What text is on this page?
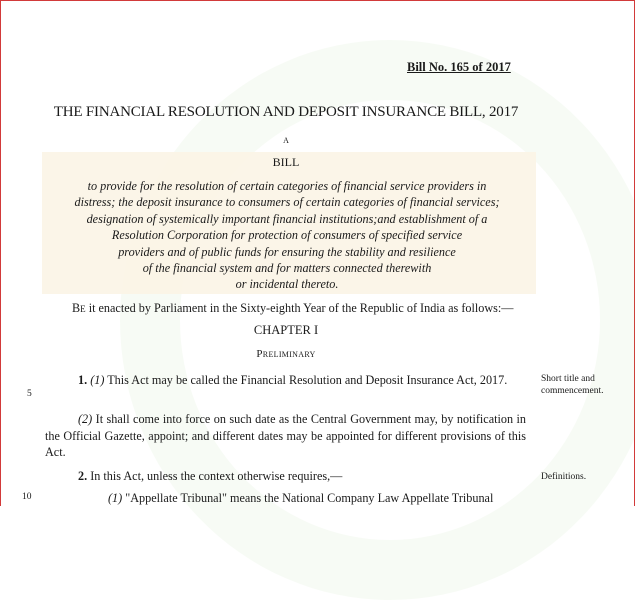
Bill No. 165 of 2017
THE FINANCIAL RESOLUTION AND DEPOSIT INSURANCE BILL, 2017
A
BILL
to provide for the resolution of certain categories of financial service providers in
distress; the deposit insurance to consumers of certain categories of financial services;
designation of systemically important financial institutions;and establishment of a
Resolution Corporation for protection of consumers of specified service
providers and of public funds for ensuring the stability and resilience
of the financial system and for matters connected therewith
or incidental thereto.
Be it enacted by Parliament in the Sixty-eighth Year of the Republic of India as follows:—
CHAPTER I
Preliminary
1. (1) This Act may be called the Financial Resolution and Deposit Insurance Act, 2017.
(2) It shall come into force on such date as the Central Government may, by notification in the Official Gazette, appoint; and different dates may be appointed for different provisions of this Act.
2. In this Act, unless the context otherwise requires,—
(1) "Appellate Tribunal" means the National Company Law Appellate Tribunal
5
10
Short title and commencement.
Definitions.
